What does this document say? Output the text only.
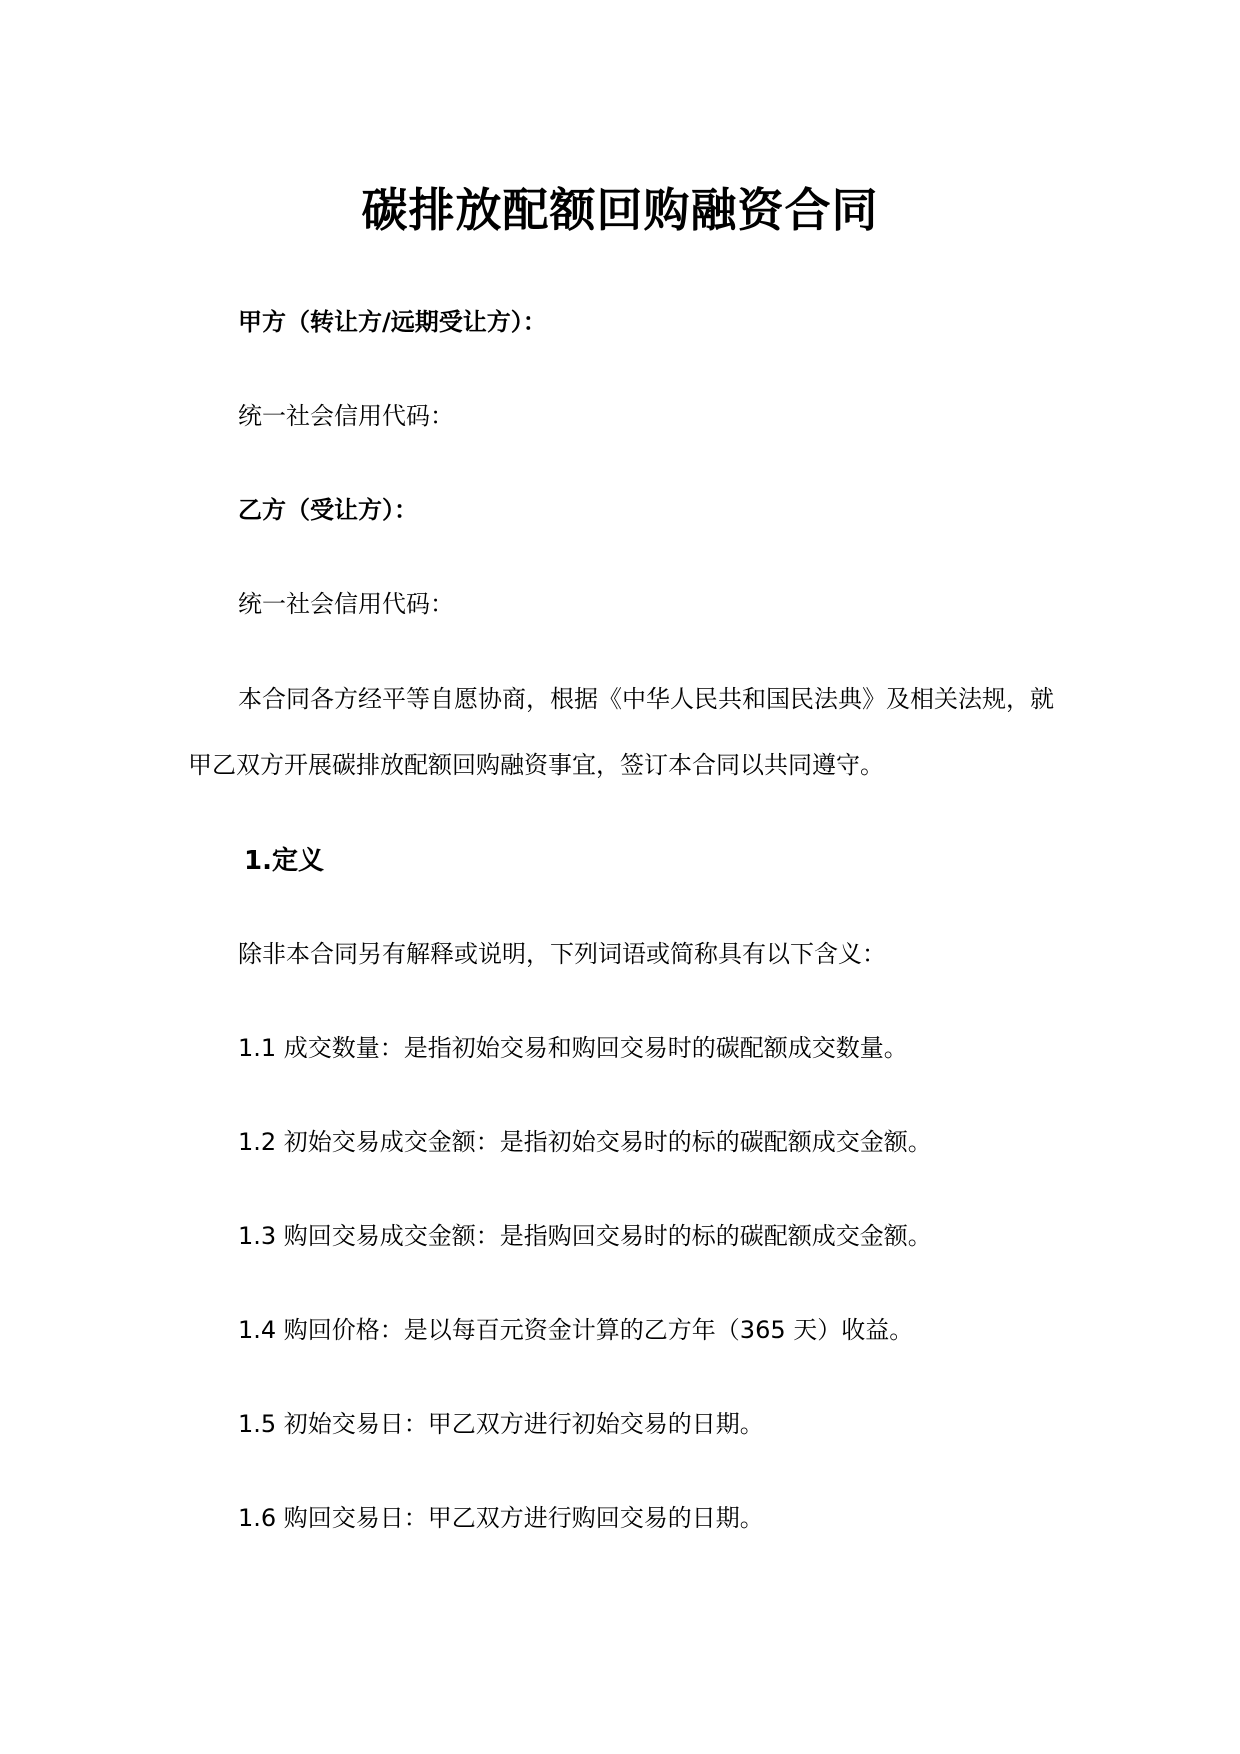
碳排放配额回购融资合同
甲方（转让方/远期受让方）：
统一社会信用代码：
乙方（受让方）：
统一社会信用代码：
本合同各方经平等自愿协商，根据《中华人民共和国民法典》及相关法规，就甲乙双方开展碳排放配额回购融资事宜，签订本合同以共同遵守。
1.定义
除非本合同另有解释或说明，下列词语或简称具有以下含义：
1.1 成交数量：是指初始交易和购回交易时的碳配额成交数量。
1.2 初始交易成交金额：是指初始交易时的标的碳配额成交金额。
1.3 购回交易成交金额：是指购回交易时的标的碳配额成交金额。
1.4 购回价格：是以每百元资金计算的乙方年（365 天）收益。
1.5 初始交易日：甲乙双方进行初始交易的日期。
1.6 购回交易日：甲乙双方进行购回交易的日期。
